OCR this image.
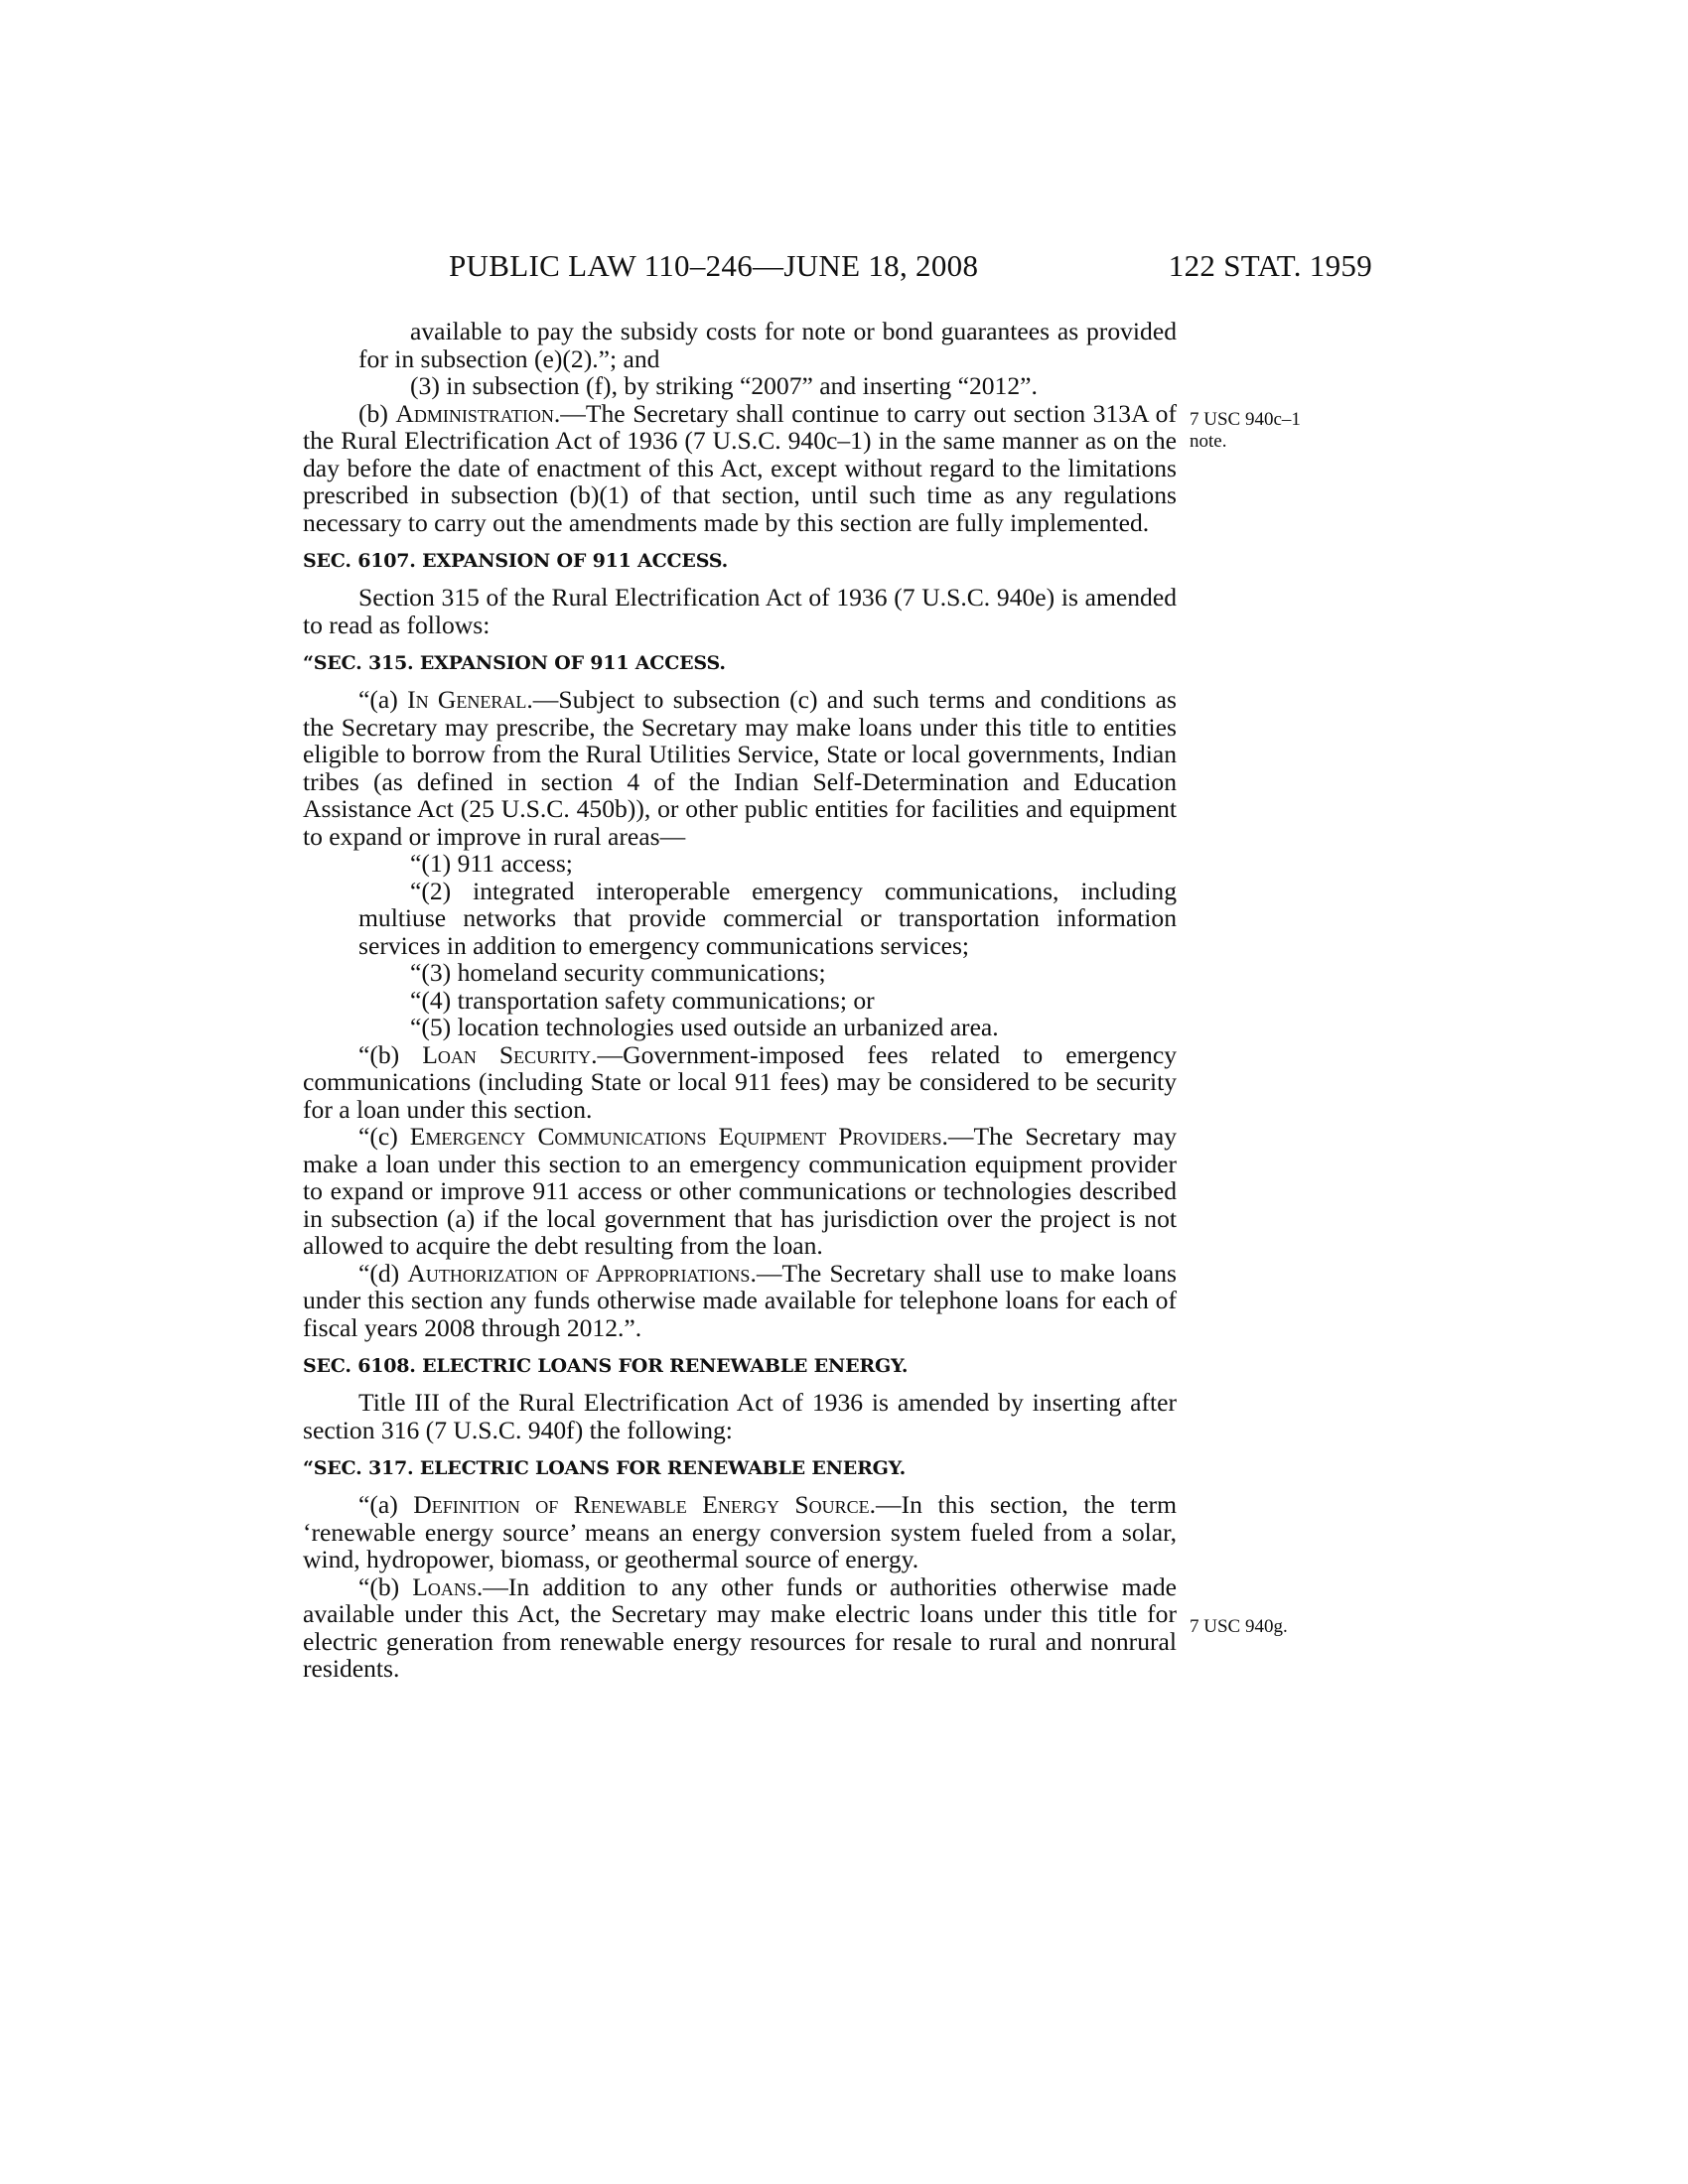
PUBLIC LAW 110–246—JUNE 18, 2008	122 STAT. 1959
7 USC 940c–1
note.
7 USC 940g.

available to pay the subsidy costs for note or bond guarantees as provided for in subsection (e)(2).”; and

(3) in subsection (f), by striking “2007” and inserting “2012”.

(b) Administration.—The Secretary shall continue to carry out section 313A of the Rural Electrification Act of 1936 (7 U.S.C. 940c–1) in the same manner as on the day before the date of enactment of this Act, except without regard to the limitations prescribed in subsection (b)(1) of that section, until such time as any regulations necessary to carry out the amendments made by this section are fully implemented.

SEC. 6107. EXPANSION OF 911 ACCESS.

Section 315 of the Rural Electrification Act of 1936 (7 U.S.C. 940e) is amended to read as follows:

“SEC. 315. EXPANSION OF 911 ACCESS.

“(a) In General.—Subject to subsection (c) and such terms and conditions as the Secretary may prescribe, the Secretary may make loans under this title to entities eligible to borrow from the Rural Utilities Service, State or local governments, Indian tribes (as defined in section 4 of the Indian Self-Determination and Education Assistance Act (25 U.S.C. 450b)), or other public entities for facilities and equipment to expand or improve in rural areas—

“(1) 911 access;

“(2) integrated interoperable emergency communications, including multiuse networks that provide commercial or transportation information services in addition to emergency communications services;

“(3) homeland security communications;

“(4) transportation safety communications; or

“(5) location technologies used outside an urbanized area.

“(b) Loan Security.—Government-imposed fees related to emergency communications (including State or local 911 fees) may be considered to be security for a loan under this section.

“(c) Emergency Communications Equipment Providers.—The Secretary may make a loan under this section to an emergency communication equipment provider to expand or improve 911 access or other communications or technologies described in subsection (a) if the local government that has jurisdiction over the project is not allowed to acquire the debt resulting from the loan.

“(d) Authorization of Appropriations.—The Secretary shall use to make loans under this section any funds otherwise made available for telephone loans for each of fiscal years 2008 through 2012.”.

SEC. 6108. ELECTRIC LOANS FOR RENEWABLE ENERGY.

Title III of the Rural Electrification Act of 1936 is amended by inserting after section 316 (7 U.S.C. 940f) the following:

“SEC. 317. ELECTRIC LOANS FOR RENEWABLE ENERGY.

“(a) Definition of Renewable Energy Source.—In this section, the term ‘renewable energy source’ means an energy conversion system fueled from a solar, wind, hydropower, biomass, or geothermal source of energy.

“(b) Loans.—In addition to any other funds or authorities otherwise made available under this Act, the Secretary may make electric loans under this title for electric generation from renewable energy resources for resale to rural and nonrural residents.
